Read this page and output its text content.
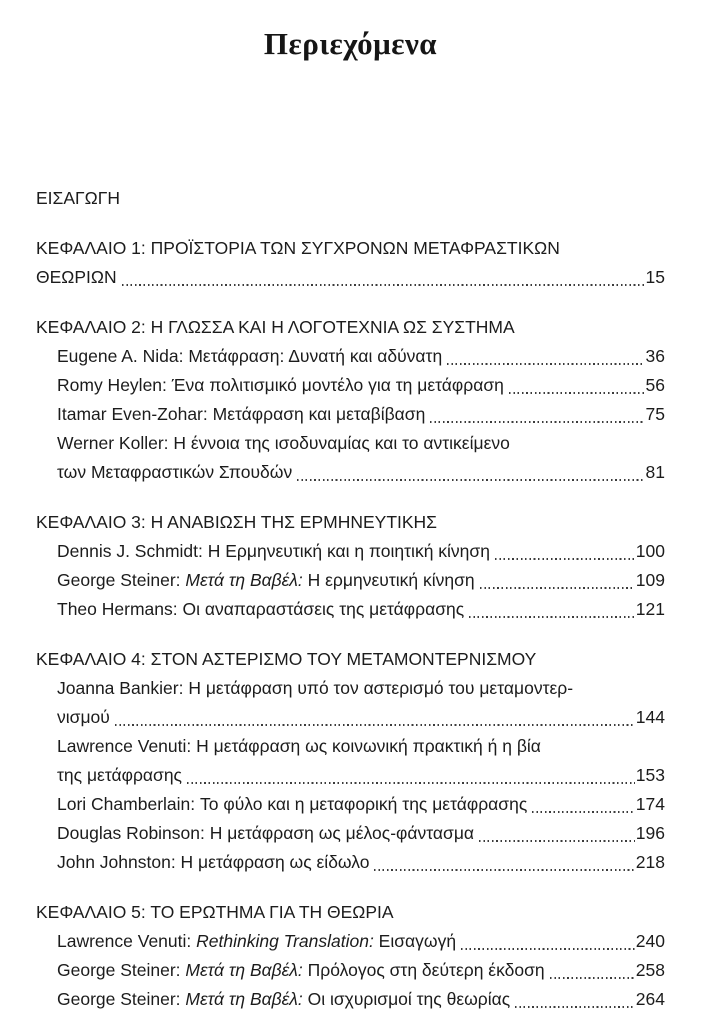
Περιεχόμενα
ΕΙΣΑΓΩΓΗ
ΚΕΦΑΛΑΙΟ 1: ΠΡΟΪΣΤΟΡΙΑ ΤΩΝ ΣΥΓΧΡΟΝΩΝ ΜΕΤΑΦΡΑΣΤΙΚΩΝ
ΘΕΩΡΙΩΝ	15
ΚΕΦΑΛΑΙΟ 2: Η ΓΛΩΣΣΑ ΚΑΙ Η ΛΟΓΟΤΕΧΝΙΑ ΩΣ ΣΥΣΤΗΜΑ
Eugene A. Nida: Μετάφραση: Δυνατή και αδύνατη	36
Romy Heylen: Ένα πολιτισμικό μοντέλο για τη μετάφραση	56
Itamar Even-Zohar: Μετάφραση και μεταβίβαση	75
Werner Koller: Η έννοια της ισοδυναμίας και το αντικείμενο
των Μεταφραστικών Σπουδών	81
ΚΕΦΑΛΑΙΟ 3: Η ΑΝΑΒΙΩΣΗ ΤΗΣ ΕΡΜΗΝΕΥΤΙΚΗΣ
Dennis J. Schmidt: Η Ερμηνευτική και η ποιητική κίνηση	100
George Steiner: Μετά τη Βαβέλ: Η ερμηνευτική κίνηση	109
Theo Hermans: Οι αναπαραστάσεις της μετάφρασης	121
ΚΕΦΑΛΑΙΟ 4: ΣΤΟΝ ΑΣΤΕΡΙΣΜΟ ΤΟΥ ΜΕΤΑΜΟΝΤΕΡΝΙΣΜΟΥ
Joanna Bankier: Η μετάφραση υπό τον αστερισμό του μεταμοντερ-
νισμού	144
Lawrence Venuti: Η μετάφραση ως κοινωνική πρακτική ή η βία
της μετάφρασης	153
Lori Chamberlain: Το φύλο και η μεταφορική της μετάφρασης	174
Douglas Robinson: Η μετάφραση ως μέλος-φάντασμα	196
John Johnston: Η μετάφραση ως είδωλο	218
ΚΕΦΑΛΑΙΟ 5: ΤΟ ΕΡΩΤΗΜΑ ΓΙΑ ΤΗ ΘΕΩΡΙΑ
Lawrence Venuti: Rethinking Translation: Εισαγωγή	240
George Steiner: Μετά τη Βαβέλ: Πρόλογος στη δεύτερη έκδοση	258
George Steiner: Μετά τη Βαβέλ: Οι ισχυρισμοί της θεωρίας	264
